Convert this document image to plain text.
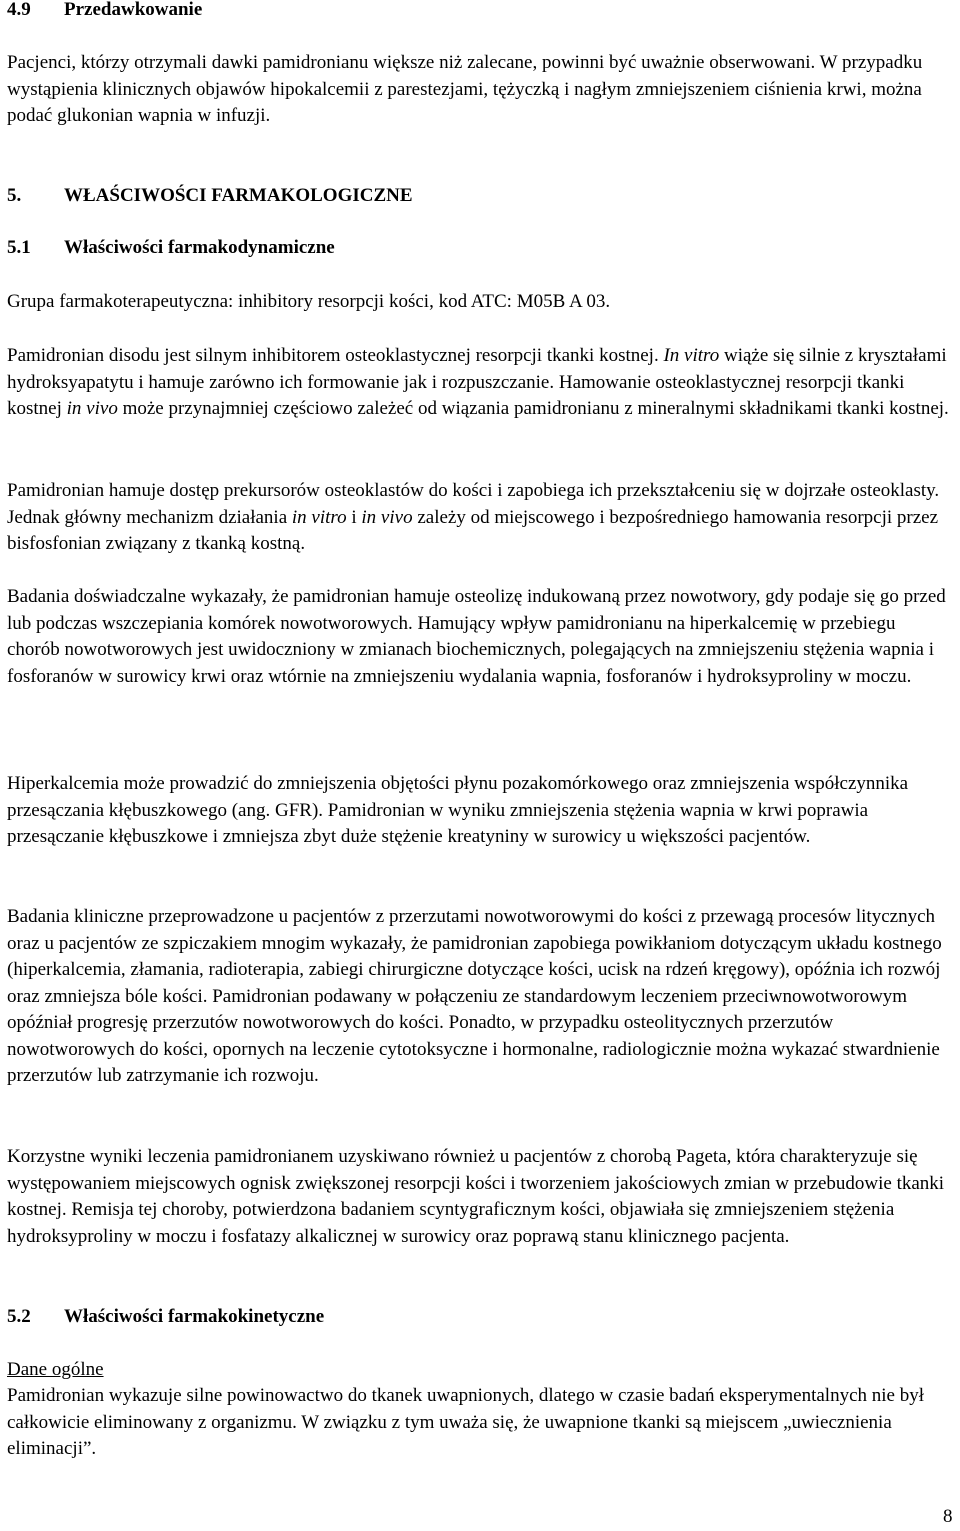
4.9 Przedawkowanie

Pacjenci, którzy otrzymali dawki pamidronianu większe niż zalecane, powinni być uważnie obserwowani. W przypadku wystąpienia klinicznych objawów hipokalcemii z parestezjami, tężyczką i nagłym zmniejszeniem ciśnienia krwi, można podać glukonian wapnia w infuzji.

5. WŁAŚCIWOŚCI FARMAKOLOGICZNE
5.1 Właściwości farmakodynamiczne

Grupa farmakoterapeutyczna: inhibitory resorpcji kości, kod ATC: M05B A 03.

Pamidronian disodu jest silnym inhibitorem osteoklastycznej resorpcji tkanki kostnej. In vitro wiąże się silnie z kryształami hydroksyapatytu i hamuje zarówno ich formowanie jak i rozpuszczanie. Hamowanie osteoklastycznej resorpcji tkanki kostnej in vivo może przynajmniej częściowo zależeć od wiązania pamidronianu z mineralnymi składnikami tkanki kostnej.

Pamidronian hamuje dostęp prekursorów osteoklastów do kości i zapobiega ich przekształceniu się w dojrzałe osteoklasty. Jednak główny mechanizm działania in vitro i in vivo zależy od miejscowego i bezpośredniego hamowania resorpcji przez bisfosfonian związany z tkanką kostną.

Badania doświadczalne wykazały, że pamidronian hamuje osteolizę indukowaną przez nowotwory, gdy podaje się go przed lub podczas wszczepiania komórek nowotworowych. Hamujący wpływ pamidronianu na hiperkalcemię w przebiegu chorób nowotworowych jest uwidoczniony w zmianach biochemicznych, polegających na zmniejszeniu stężenia wapnia i fosforanów w surowicy krwi oraz wtórnie na zmniejszeniu wydalania wapnia, fosforanów i hydroksyproliny w moczu.

Hiperkalcemia może prowadzić do zmniejszenia objętości płynu pozakomórkowego oraz zmniejszenia współczynnika przesączania kłębuszkowego (ang. GFR). Pamidronian w wyniku zmniejszenia stężenia wapnia w krwi poprawia przesączanie kłębuszkowe i zmniejsza zbyt duże stężenie kreatyniny w surowicy u większości pacjentów.

Badania kliniczne przeprowadzone u pacjentów z przerzutami nowotworowymi do kości z przewagą procesów litycznych oraz u pacjentów ze szpiczakiem mnogim wykazały, że pamidronian zapobiega powikłaniom dotyczącym układu kostnego (hiperkalcemia, złamania, radioterapia, zabiegi chirurgiczne dotyczące kości, ucisk na rdzeń kręgowy), opóźnia ich rozwój oraz zmniejsza bóle kości. Pamidronian podawany w połączeniu ze standardowym leczeniem przeciwnowotworowym opóźniał progresję przerzutów nowotworowych do kości. Ponadto, w przypadku osteolitycznych przerzutów nowotworowych do kości, opornych na leczenie cytotoksyczne i hormonalne, radiologicznie można wykazać stwardnienie przerzutów lub zatrzymanie ich rozwoju.

Korzystne wyniki leczenia pamidronianem uzyskiwano również u pacjentów z chorobą Pageta, która charakteryzuje się występowaniem miejscowych ognisk zwiększonej resorpcji kości i tworzeniem jakościowych zmian w przebudowie tkanki kostnej. Remisja tej choroby, potwierdzona badaniem scyntygraficznym kości, objawiała się zmniejszeniem stężenia hydroksyproliny w moczu i fosfatazy alkalicznej w surowicy oraz poprawą stanu klinicznego pacjenta.

5.2 Właściwości farmakokinetyczne

Dane ogólne

Pamidronian wykazuje silne powinowactwo do tkanek uwapnionych, dlatego w czasie badań eksperymentalnych nie był całkowicie eliminowany z organizmu. W związku z tym uważa się, że uwapnione tkanki są miejscem „uwiecznienia eliminacji”.

8
